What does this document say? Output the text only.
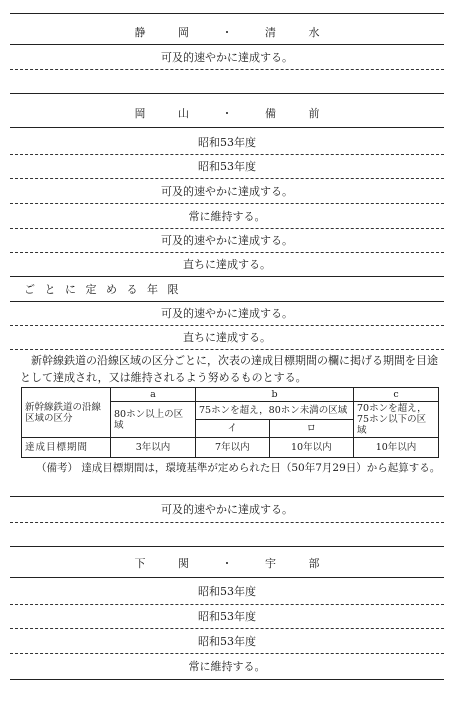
静	岡	・	清	水
可及的速やかに達成する。
岡	山	・	備	前
昭和53年度
昭和53年度
可及的速やかに達成する。
常に維持する。
可及的速やかに達成する。
直ちに達成する。
ご と に 定 め る 年 限
可及的速やかに達成する。
直ちに達成する。
新幹線鉄道の沿線区域の区分ごとに，次表の達成目標期間の欄に掲げる期間を目途として達成され，又は維持されるよう努めるものとする。
新幹線鉄道の沿線区域の区分	a	b		c
	80ホン以上の区域	75ホンを超え，80ホン未満の区域		70ホンを超え，75ホン以下の区域
		イ	ロ	
達成目標期間	3年以内	7年以内	10年以内	10年以内
（備考） 達成目標期間は，環境基準が定められた日（50年7月29日）から起算する。
可及的速やかに達成する。
下	関	・	宇	部
昭和53年度
昭和53年度
昭和53年度
常に維持する。
